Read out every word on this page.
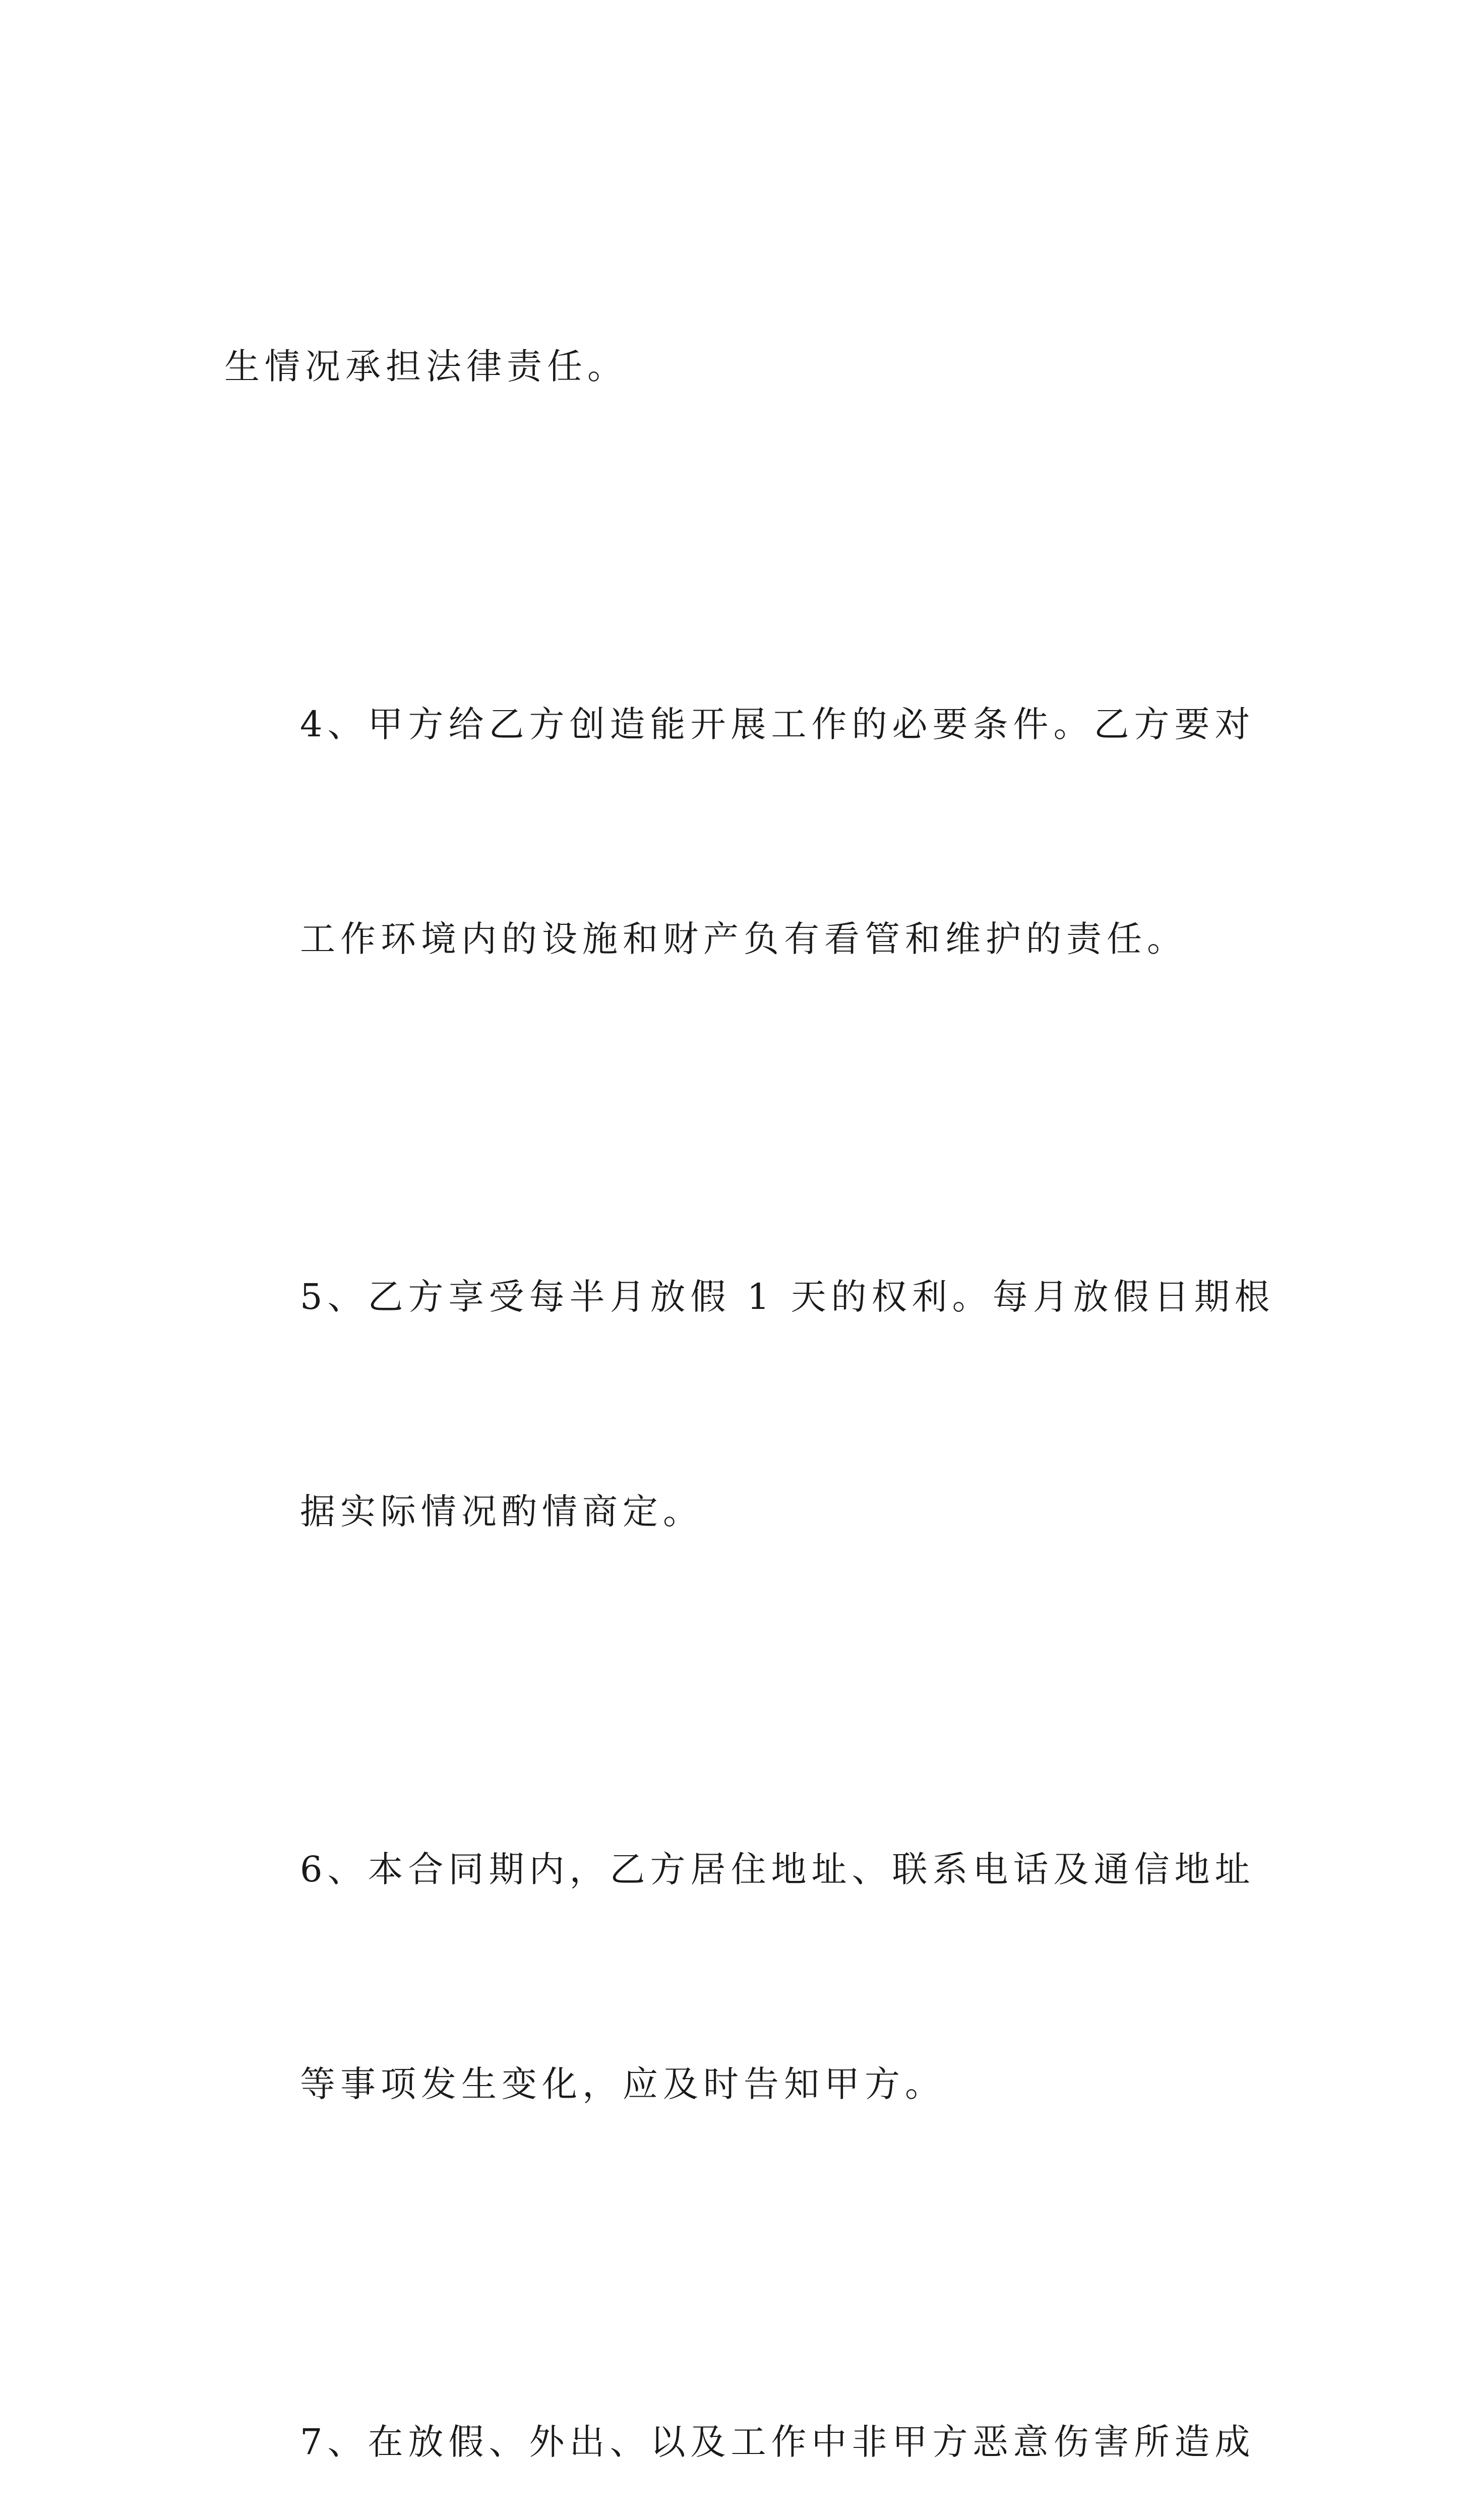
生情况承担法律责任。

4、甲方给乙方创造能开展工作的必要条件。乙方要对

工作环境内的设施和财产负有看管和维护的责任。

5、乙方享受每半月放假 1 天的权利。每月放假日期根

据实际情况酌情商定。

6、本合同期内，乙方居住地址、联系电话及通信地址

等事项发生变化，应及时告知甲方。

7、在放假、外出、以及工作中非甲方恶意伤害所造成
